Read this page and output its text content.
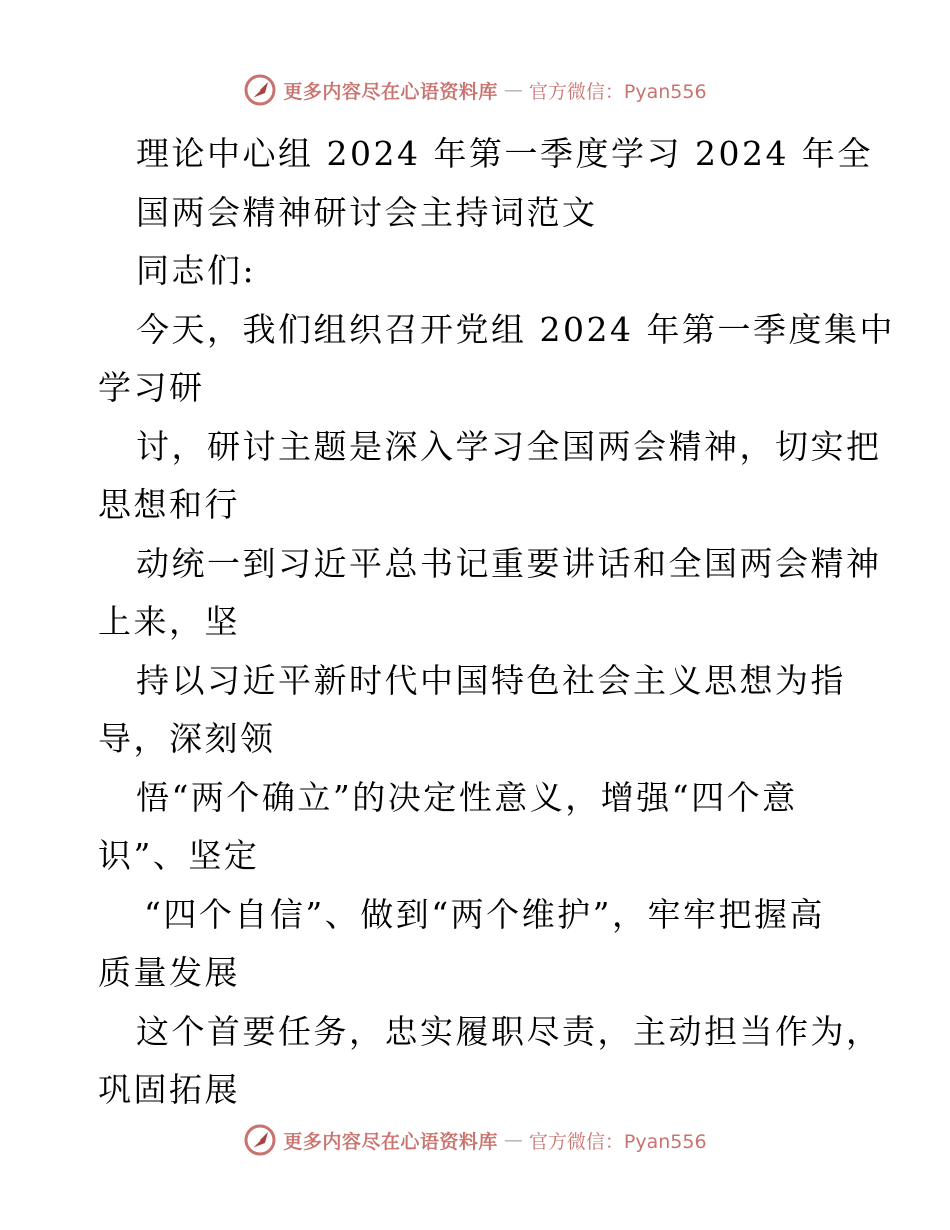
更多内容尽在心语资料库 — 官方微信：Pyan556
理论中心组 2024 年第一季度学习 2024 年全
国两会精神研讨会主持词范文
同志们:
今天，我们组织召开党组 2024 年第一季度集中
学习研
讨，研讨主题是深入学习全国两会精神，切实把
思想和行
动统一到习近平总书记重要讲话和全国两会精神
上来，坚
持以习近平新时代中国特色社会主义思想为指
导，深刻领
悟“两个确立”的决定性意义，增强“四个意
识”、坚定
“四个自信”、做到“两个维护”，牢牢把握高
质量发展
这个首要任务，忠实履职尽责，主动担当作为，
巩固拓展
更多内容尽在心语资料库 — 官方微信：Pyan556
